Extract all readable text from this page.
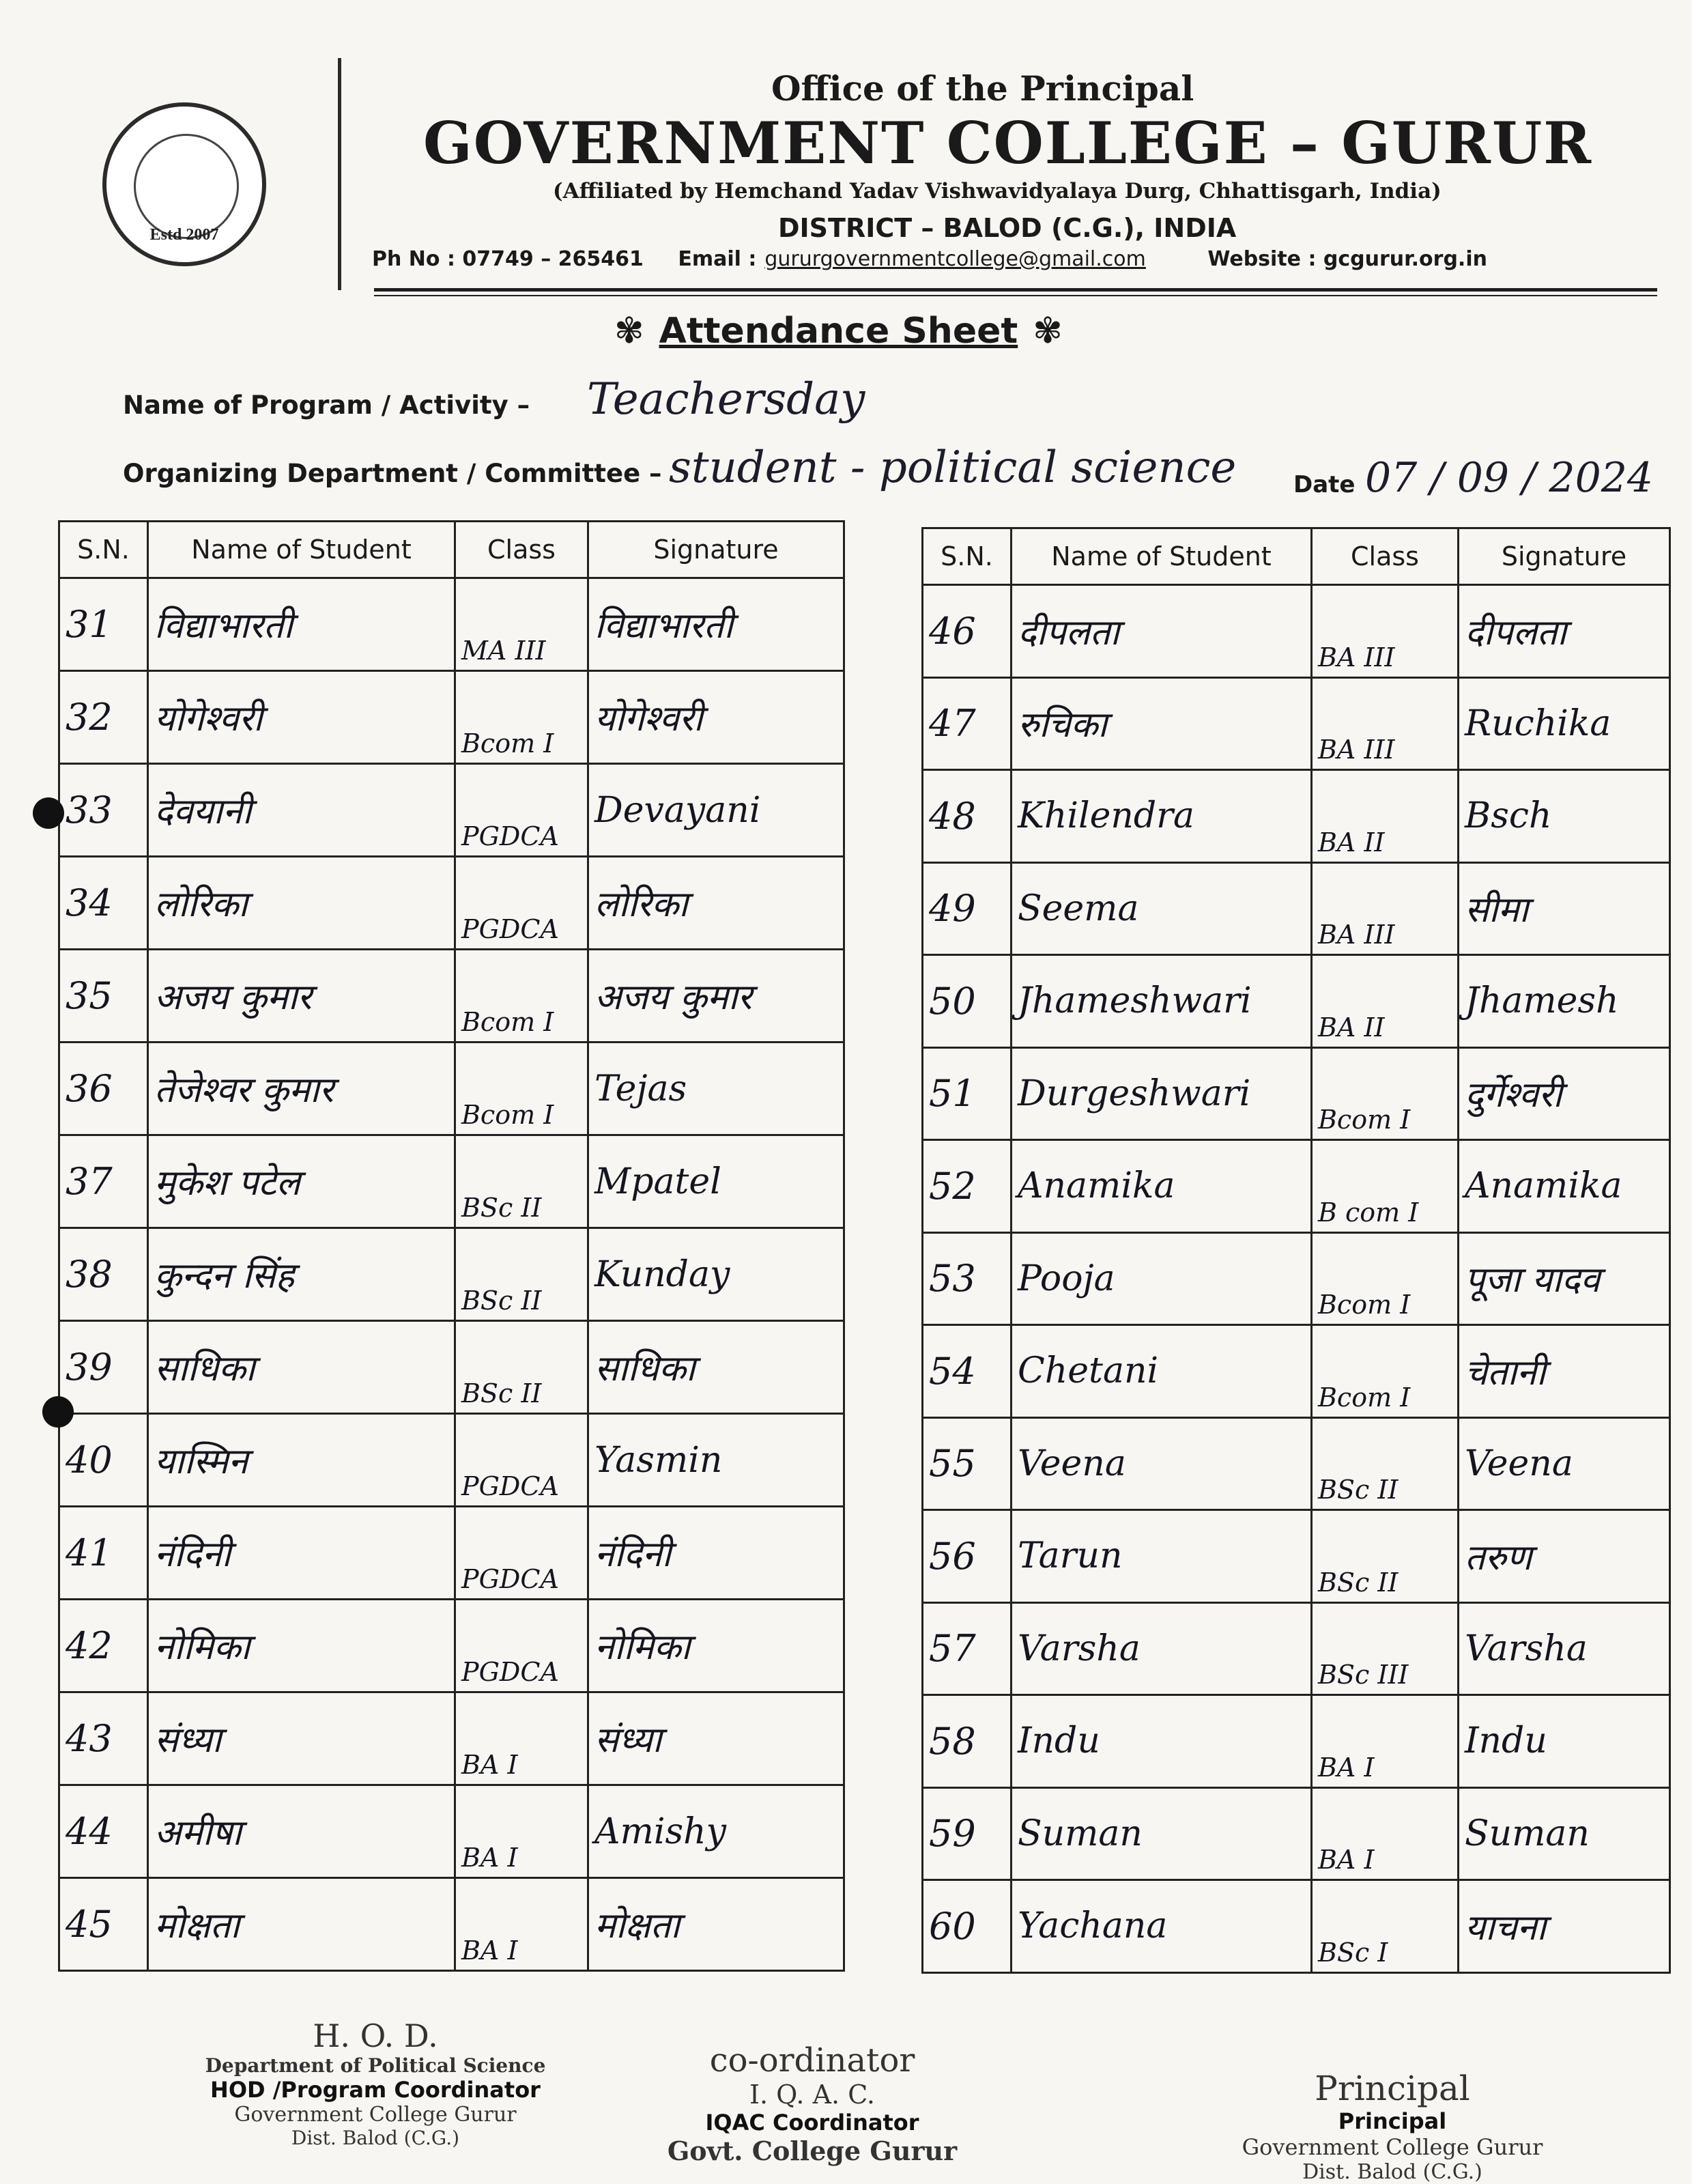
Estd 2007
Office of the Principal
GOVERNMENT COLLEGE – GURUR
(Affiliated by Hemchand Yadav Vishwavidyalaya Durg, Chhattisgarh, India)
DISTRICT – BALOD (C.G.), INDIA
Ph No : 07749 – 265461 Email : gururgovernmentcollege@gmail.com	Website : gcgurur.org.in
✾ Attendance Sheet ✾
Name of Program / Activity – Teachersday
Organizing Department / Committee – student - political science Date 07 / 09 / 2024
S.N.	Name of Student	Class	Signature
31	विद्याभारती	MA III	विद्याभारती
32	योगेश्वरी	Bcom I	योगेश्वरी
33	देवयानी	PGDCA	Devayani
34	लोरिका	PGDCA	लोरिका
35	अजय कुमार	Bcom I	अजय कुमार
36	तेजेश्वर कुमार	Bcom I	Tejas
37	मुकेश पटेल	BSc II	Mpatel
38	कुन्दन सिंह	BSc II	Kunday
39	साधिका	BSc II	साधिका
40	यास्मिन	PGDCA	Yasmin
41	नंदिनी	PGDCA	नंदिनी
42	नोमिका	PGDCA	नोमिका
43	संध्या	BA I	संध्या
44	अमीषा	BA I	Amishy
45	मोक्षता	BA I	मोक्षता
S.N.	Name of Student	Class	Signature
46	दीपलता	BA III	दीपलता
47	रुचिका	BA III	Ruchika
48	Khilendra	BA II	Bsch
49	Seema	BA III	सीमा
50	Jhameshwari	BA II	Jhamesh
51	Durgeshwari	Bcom I	दुर्गेश्वरी
52	Anamika	B com I	Anamika
53	Pooja	Bcom I	पूजा यादव
54	Chetani	Bcom I	चेतानी
55	Veena	BSc II	Veena
56	Tarun	BSc II	तरुण
57	Varsha	BSc III	Varsha
58	Indu	BA I	Indu
59	Suman	BA I	Suman
60	Yachana	BSc I	याचना
H. O. D.
Department of Political Science
HOD /Program Coordinator
Government College Gurur
Dist. Balod (C.G.)
co-ordinator
I. Q. A. C.
IQAC Coordinator
Govt. College Gurur
Principal
Principal
Government College Gurur
Dist. Balod (C.G.)
